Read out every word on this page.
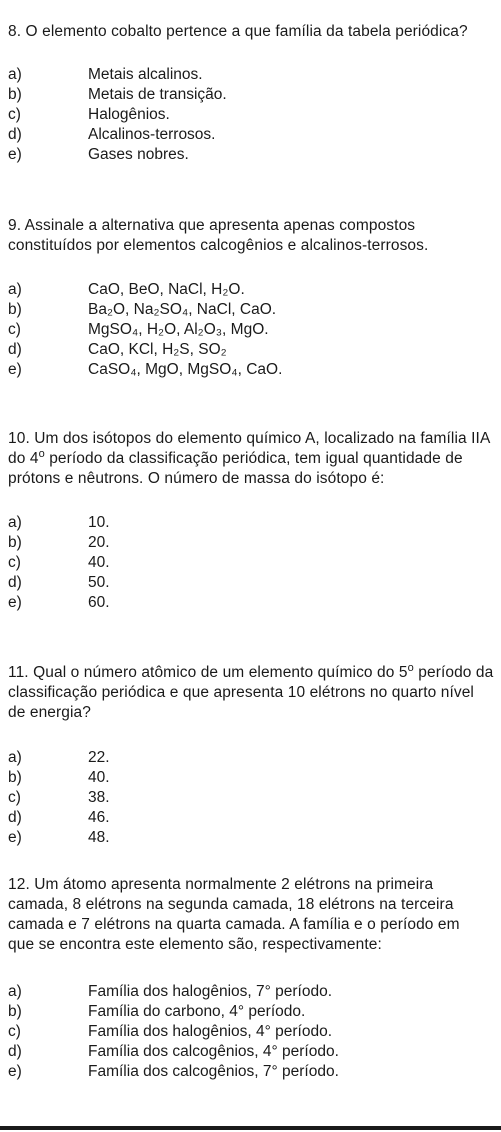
8. O elemento cobalto pertence a que família da tabela periódica?

a)	Metais alcalinos.
b)	Metais de transição.
c)	Halogênios.
d)	Alcalinos-terrosos.
e)	Gases nobres.

9. Assinale a alternativa que apresenta apenas compostos constituídos por elementos calcogênios e alcalinos-terrosos.

a)	CaO, BeO, NaCl, H₂O.
b)	Ba₂O, Na₂SO₄, NaCl, CaO.
c)	MgSO₄, H₂O, Al₂O₃, MgO.
d)	CaO, KCl, H₂S, SO₂
e)	CaSO₄, MgO, MgSO₄, CaO.

10. Um dos isótopos do elemento químico A, localizado na família IIA do 4$^o$ período da classificação periódica, tem igual quantidade de prótons e nêutrons. O número de massa do isótopo é:

a)	10.
b)	20.
c)	40.
d)	50.
e)	60.

11. Qual o número atômico de um elemento químico do 5$^o$ período da classificação periódica e que apresenta 10 elétrons no quarto nível de energia?

a)	22.
b)	40.
c)	38.
d)	46.
e)	48.

12. Um átomo apresenta normalmente 2 elétrons na primeira camada, 8 elétrons na segunda camada, 18 elétrons na terceira camada e 7 elétrons na quarta camada. A família e o período em que se encontra este elemento são, respectivamente:

a)	Família dos halogênios, 7° período.
b)	Família do carbono, 4° período.
c)	Família dos halogênios, 4° período.
d)	Família dos calcogênios, 4° período.
e)	Família dos calcogênios, 7° período.
